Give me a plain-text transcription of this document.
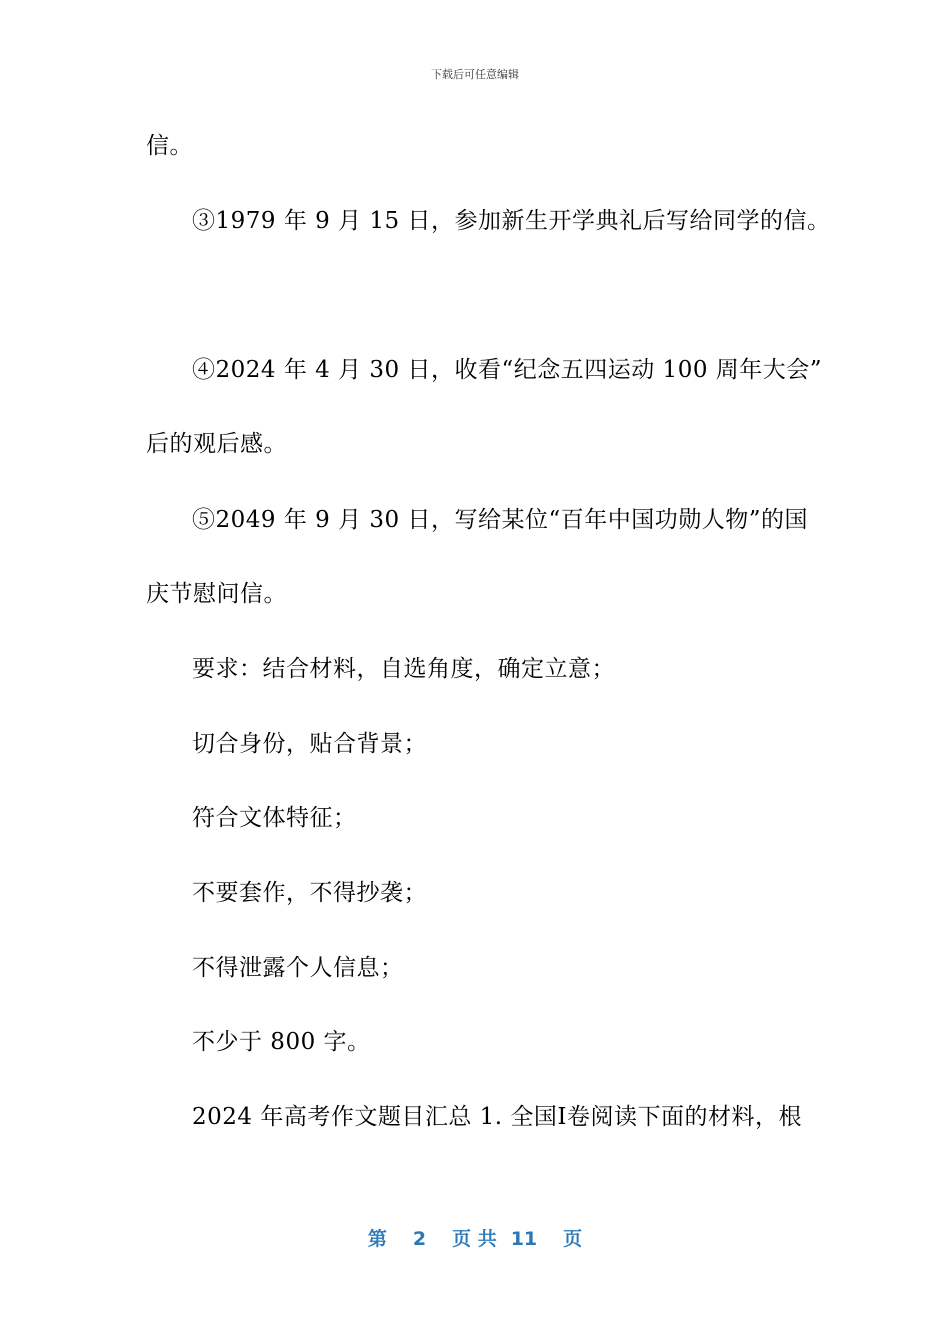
下载后可任意编辑
信。
③1979 年 9 月 15 日，参加新生开学典礼后写给同学的信。
④2024 年 4 月 30 日，收看“纪念五四运动 100 周年大会”
后的观后感。
⑤2049 年 9 月 30 日，写给某位“百年中国功勋人物”的国
庆节慰问信。
要求：结合材料，自选角度，确定立意；
切合身份，贴合背景；
符合文体特征；
不要套作，不得抄袭；
不得泄露个人信息；
不少于 800 字。
2024 年高考作文题目汇总 1. 全国Ⅰ卷阅读下面的材料，根
第 2 页 共 11 页
